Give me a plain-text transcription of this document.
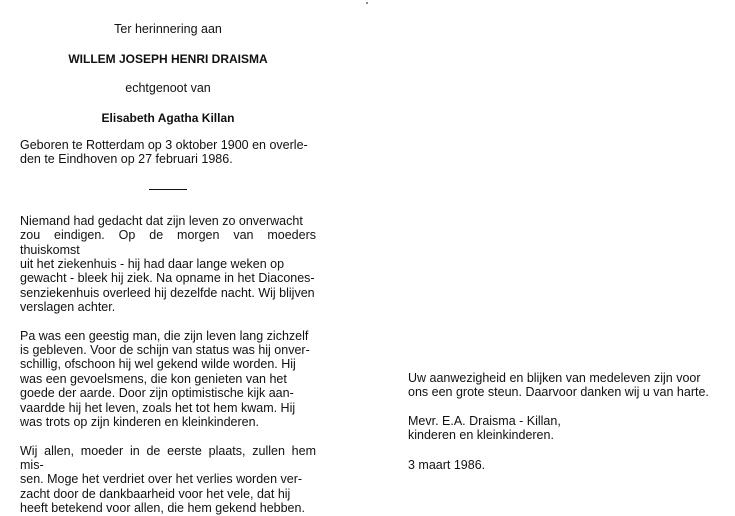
Ter herinnering aan

WILLEM JOSEPH HENRI DRAISMA

echtgenoot van

Elisabeth Agatha Killan

Geboren te Rotterdam op 3 oktober 1900 en overle-

den te Eindhoven op 27 februari 1986.

Niemand had gedacht dat zijn leven zo onverwacht

zou eindigen. Op de morgen van moeders thuiskomst

uit het ziekenhuis - hij had daar lange weken op

gewacht - bleek hij ziek. Na opname in het Diacones-

senziekenhuis overleed hij dezelfde nacht. Wij blijven

verslagen achter.

Pa was een geestig man, die zijn leven lang zichzelf

is gebleven. Voor de schijn van status was hij onver-

schillig, ofschoon hij wel gekend wilde worden. Hij

was een gevoelsmens, die kon genieten van het

goede der aarde. Door zijn optimistische kijk aan-

vaardde hij het leven, zoals het tot hem kwam. Hij

was trots op zijn kinderen en kleinkinderen.

Wij allen, moeder in de eerste plaats, zullen hem mis-

sen. Moge het verdriet over het verlies worden ver-

zacht door de dankbaarheid voor het vele, dat hij

heeft betekend voor allen, die hem gekend hebben.

Uw aanwezigheid en blijken van medeleven zijn voor

ons een grote steun. Daarvoor danken wij u van harte.

Mevr. E.A. Draisma - Killan,

kinderen en kleinkinderen.

3 maart 1986.
